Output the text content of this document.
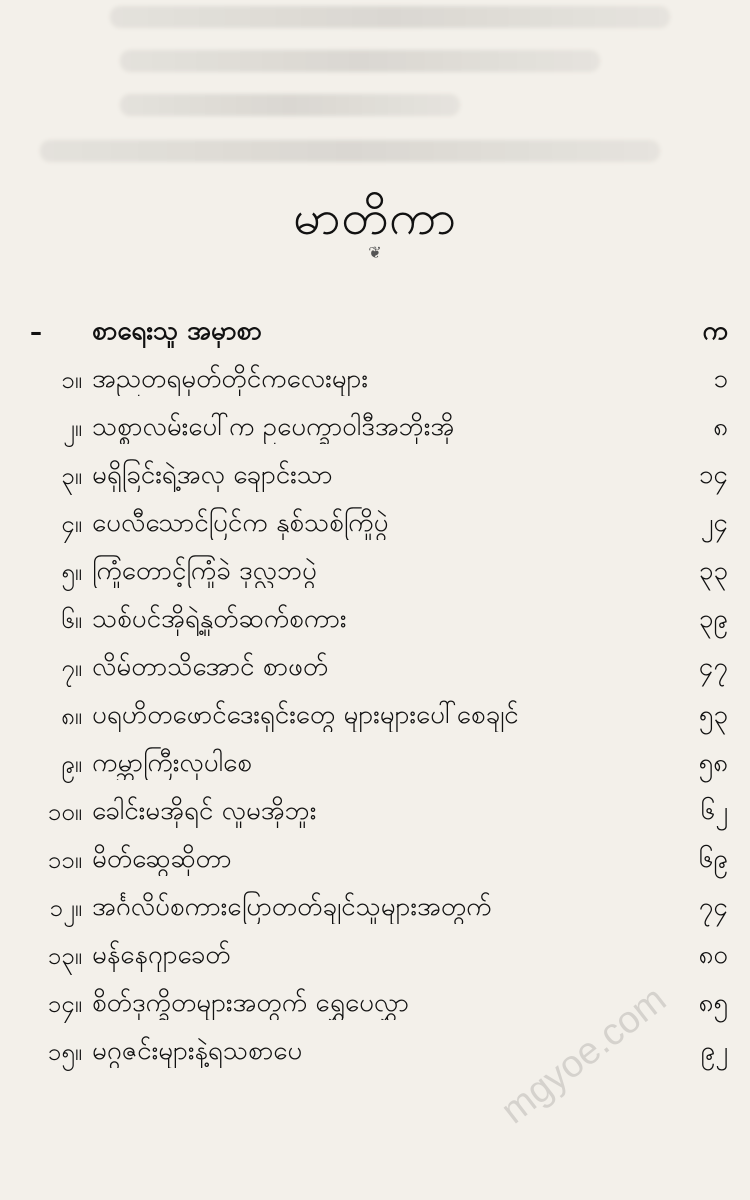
မာတိကာ
❦
–	စာရေးသူ အမှာစာ	က
၁။ အညတရမှတ်တိုင်ကလေးများ	၁
၂။ သစ္စာလမ်းပေါ်က ဥပေက္ခာဝါဒီအဘိုးအို	၈
၃။ မရှိခြင်းရဲ့အလှ ချောင်းသာ	၁၄
၄။ ပေလီသောင်ပြင်က နှစ်သစ်ကြိုပွဲ	၂၄
၅။ ကြုံတောင့်ကြုံခဲ ဒုလ္လဘပွဲ	၃၃
၆။ သစ်ပင်အိုရဲ့နှုတ်ဆက်စကား	၃၉
၇။ လိမ်တာသိအောင် စာဖတ်	၄၇
၈။ ပရဟိတဖောင်ဒေးရှင်းတွေ များများပေါ်စေချင်	၅၃
၉။ ကမ္ဘာကြီးလှပါစေ	၅၈
၁၀။ ခေါင်းမအိုရင် လူမအိုဘူး	၆၂
၁၁။ မိတ်ဆွေဆိုတာ	၆၉
၁၂။ အင်္ဂလိပ်စကားပြောတတ်ချင်သူများအတွက်	၇၄
၁၃။ မန်နေဂျာခေတ်	၈၀
၁၄။ စိတ်ဒုက္ခိတများအတွက် ရွှေပေလွှာ	၈၅
၁၅။ မဂ္ဂဇင်းများနဲ့ရသစာပေ	၉၂
mgyoe.com
